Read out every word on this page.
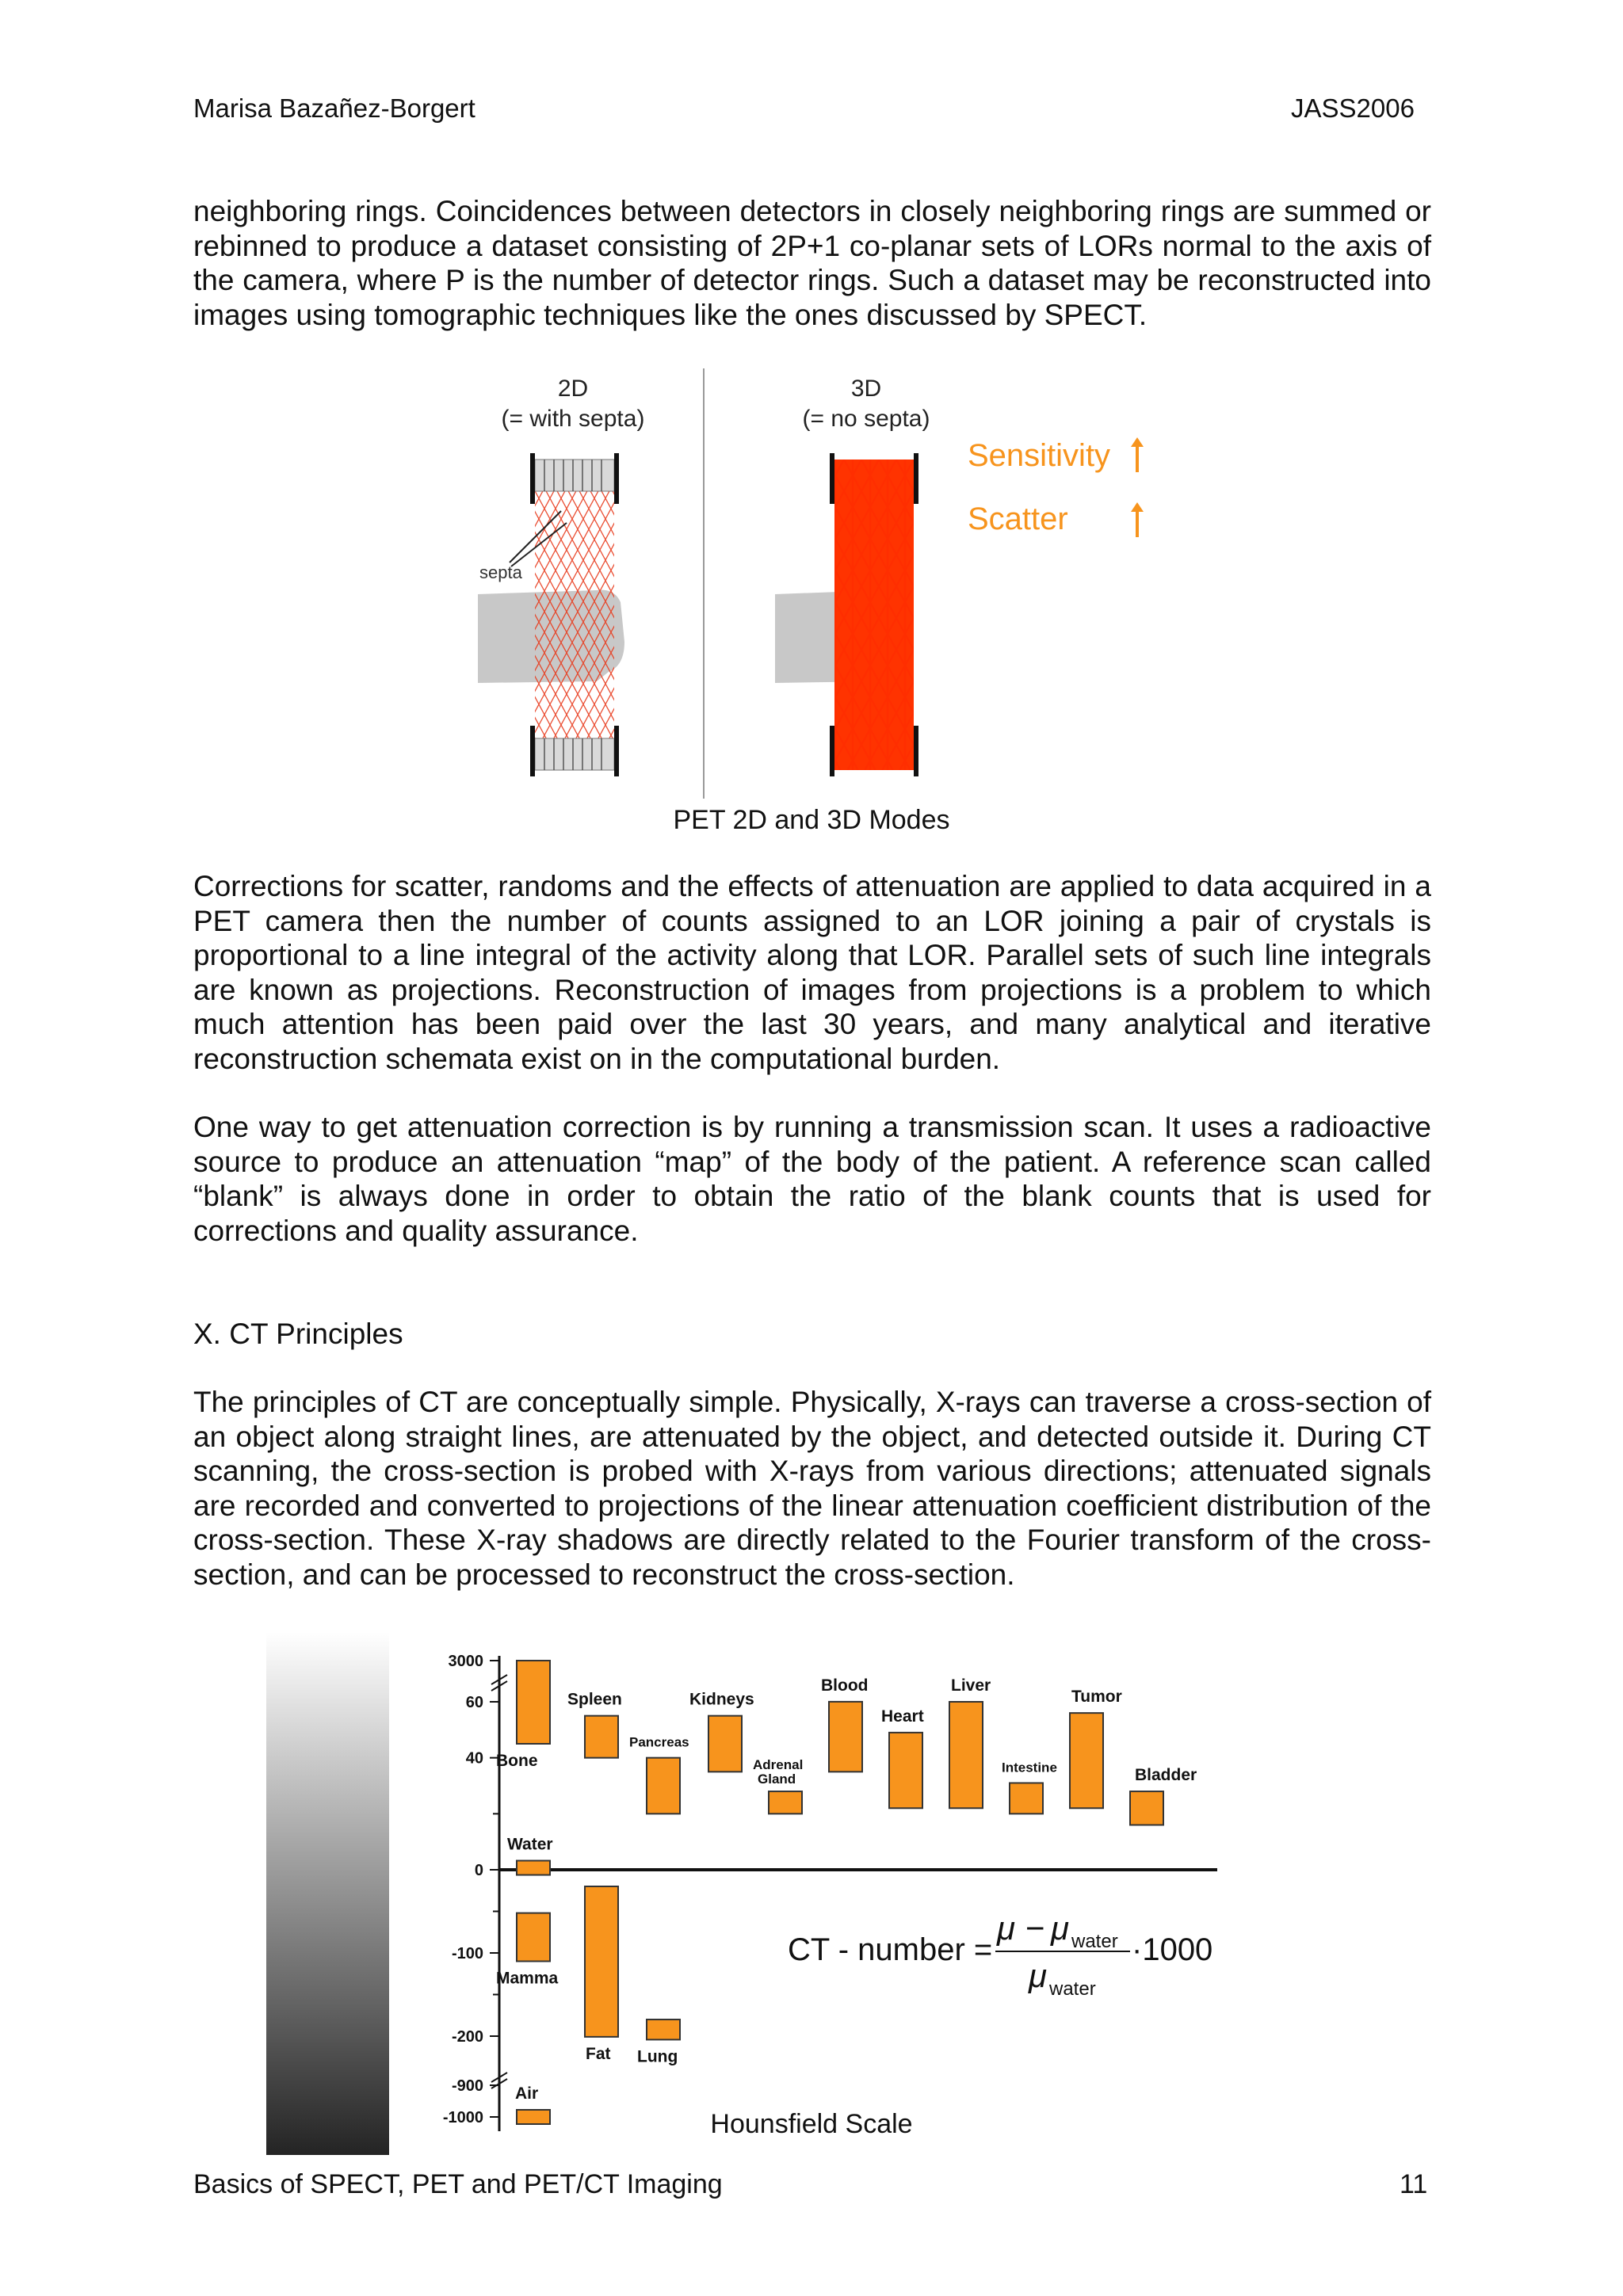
Marisa Bazañez-Borgert	JASS2006

neighboring rings. Coincidences between detectors in closely neighboring rings are summed or rebinned to produce a dataset consisting of 2P+1 co-planar sets of LORs normal to the axis of the camera, where P is the number of detector rings. Such a dataset may be reconstructed into images using tomographic techniques like the ones discussed by SPECT.

2D
(= with septa)
3D
(= no septa)
septa
Sensitivity
Scatter
PET 2D and 3D Modes

Corrections for scatter, randoms and the effects of attenuation are applied to data acquired in a PET camera then the number of counts assigned to an LOR joining a pair of crystals is proportional to a line integral of the activity along that LOR. Parallel sets of such line integrals are known as projections. Reconstruction of images from projections is a problem to which much attention has been paid over the last 30 years, and many analytical and iterative reconstruction schemata exist on in the computational burden.

One way to get attenuation correction is by running a transmission scan. It uses a radioactive source to produce an attenuation “map” of the body of the patient. A reference scan called “blank” is always done in order to obtain the ratio of the blank counts that is used for corrections and quality assurance.

X. CT Principles

The principles of CT are conceptually simple. Physically, X-rays can traverse a cross-section of an object along straight lines, are attenuated by the object, and detected outside it. During CT scanning, the cross-section is probed with X-rays from various directions; attenuated signals are recorded and converted to projections of the linear attenuation coefficient distribution of the cross-section. These X-ray shadows are directly related to the Fourier transform of the cross-section, and can be processed to reconstruct the cross-section.

3000
60
40
0
-100
-200
-900
-1000
Bone
Water
Mamma
Air
Spleen
Fat
Pancreas
Lung
Kidneys
Adrenal
Gland
Blood
Heart
Liver
Intestine
Tumor
Bladder
CT - number =
μ − μ water
μ water
·1000
Hounsfield Scale
Basics of SPECT, PET and PET/CT Imaging	11
